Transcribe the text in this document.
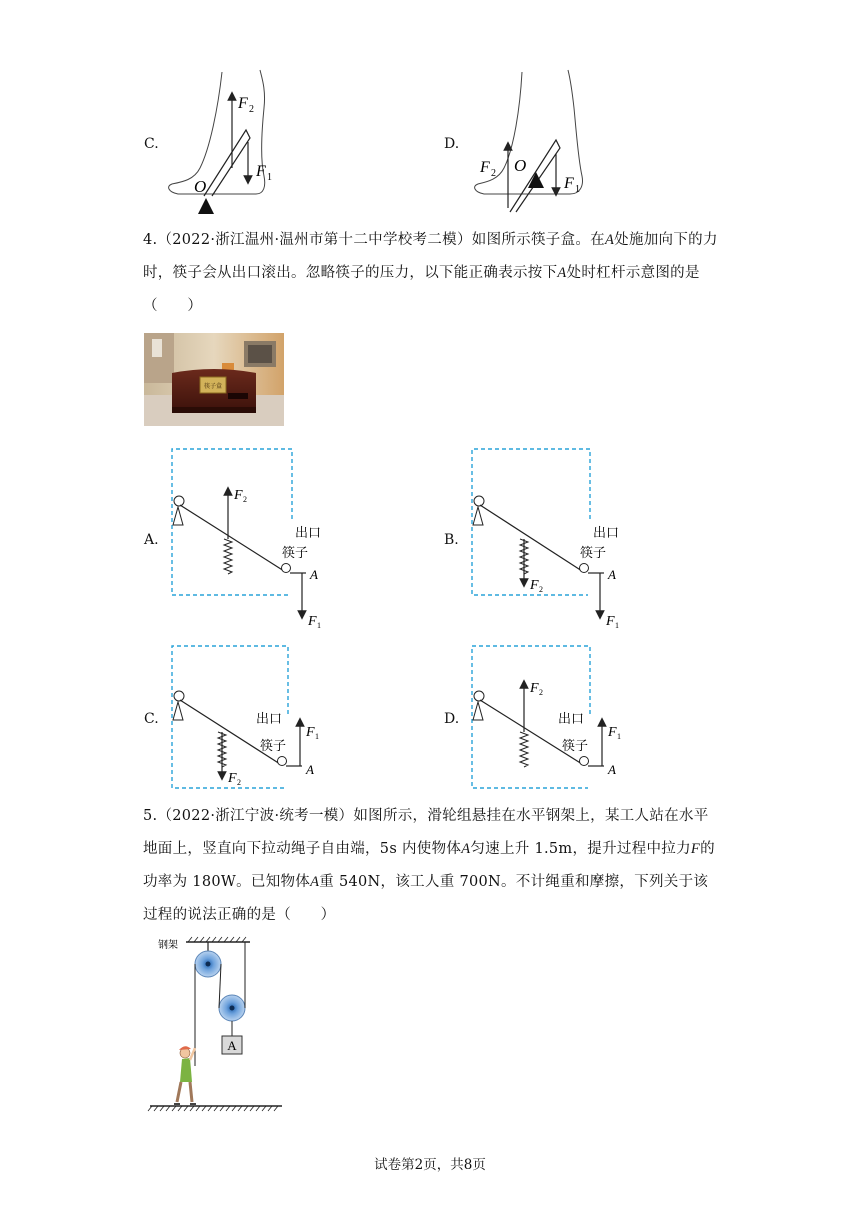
C.
F 2
F 1
O
D.
F 2
F 1
O
4.（2022·浙江温州·温州市第十二中学校考二模）如图所示筷子盒。在A处施加向下的力时，筷子会从出口滚出。忽略筷子的压力，以下能正确表示按下A处时杠杆示意图的是（　　）
筷子盒
A.	B.
C.	D.
F 2
出口
筷子
A
F 1
F 2
出口
筷子
A
F 1
F 2
出口
筷子
A
F 1
F 2
出口
筷子
A
F 1
5.（2022·浙江宁波·统考一模）如图所示，滑轮组悬挂在水平钢架上，某工人站在水平地面上，竖直向下拉动绳子自由端，5s 内使物体A匀速上升 1.5m，提升过程中拉力F的功率为 180W。已知物体A重 540N，该工人重 700N。不计绳重和摩擦，下列关于该过程的说法正确的是（　　）
钢架
A
试卷第2页，共8页
